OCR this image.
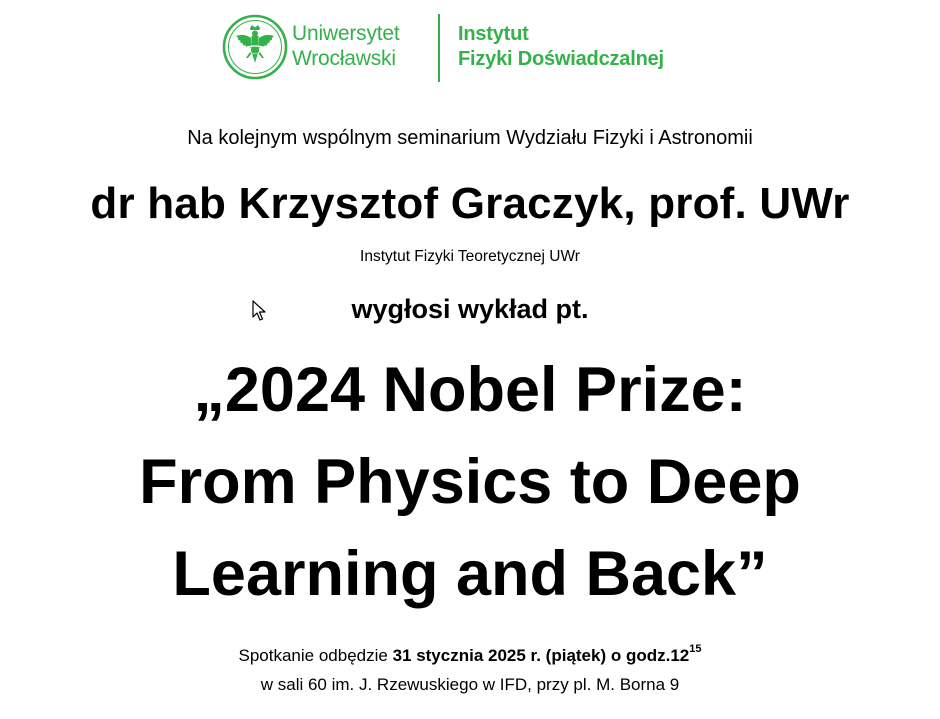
Uniwersytet
Wrocławski
Instytut
Fizyki Doświadczalnej
Na kolejnym wspólnym seminarium Wydziału Fizyki i Astronomii
dr hab Krzysztof Graczyk, prof. UWr
Instytut Fizyki Teoretycznej UWr
wygłosi wykład pt.
„2024 Nobel Prize:
From Physics to Deep
Learning and Back”
Spotkanie odbędzie 31 stycznia 2025 r. (piątek) o $godz.12^{15}$
w sali 60 im. J. Rzewuskiego w IFD, przy pl. M. Borna 9
